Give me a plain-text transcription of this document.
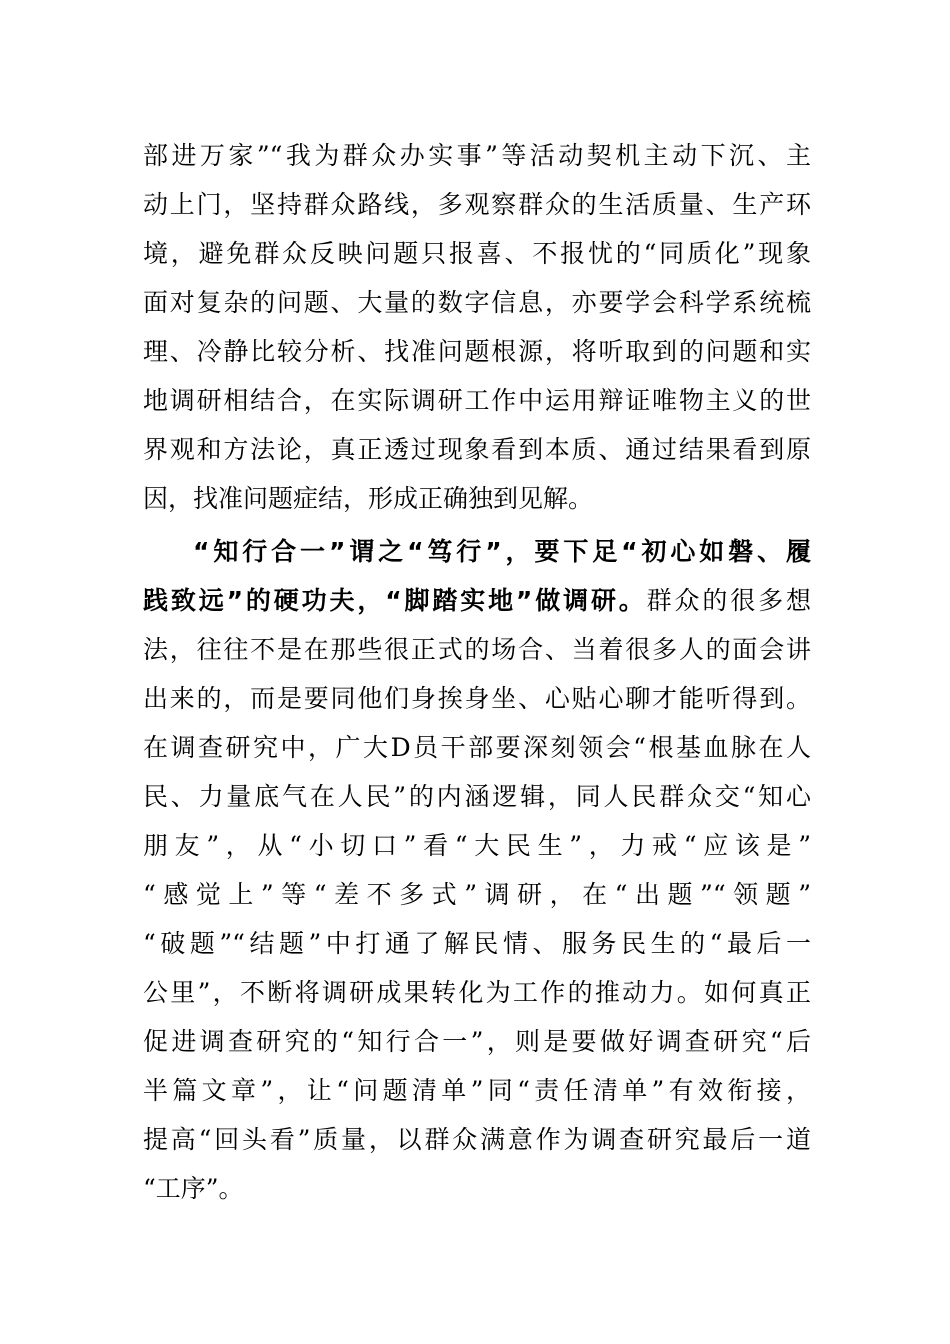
部进万家”“我为群众办实事”等活动契机主动下沉、主
动上门，坚持群众路线，多观察群众的生活质量、生产环
境，避免群众反映问题只报喜、不报忧的“同质化”现象
面对复杂的问题、大量的数字信息，亦要学会科学系统梳
理、冷静比较分析、找准问题根源，将听取到的问题和实
地调研相结合，在实际调研工作中运用辩证唯物主义的世
界观和方法论，真正透过现象看到本质、通过结果看到原
因，找准问题症结，形成正确独到见解。
“知行合一”谓之“笃行”，要下足“初心如磐、履
践致远”的硬功夫，“脚踏实地”做调研。群众的很多想
法，往往不是在那些很正式的场合、当着很多人的面会讲
出来的，而是要同他们身挨身坐、心贴心聊才能听得到。
在调查研究中，广大D员干部要深刻领会“根基血脉在人
民、力量底气在人民”的内涵逻辑，同人民群众交“知心
朋友”，从“小切口”看“大民生”，力戒“应该是”
“感觉上”等“差不多式”调研，在“出题”“领题”
“破题”“结题”中打通了解民情、服务民生的“最后一
公里”，不断将调研成果转化为工作的推动力。如何真正
促进调查研究的“知行合一”，则是要做好调查研究“后
半篇文章”，让“问题清单”同“责任清单”有效衔接，
提高“回头看”质量，以群众满意作为调查研究最后一道
“工序”。
